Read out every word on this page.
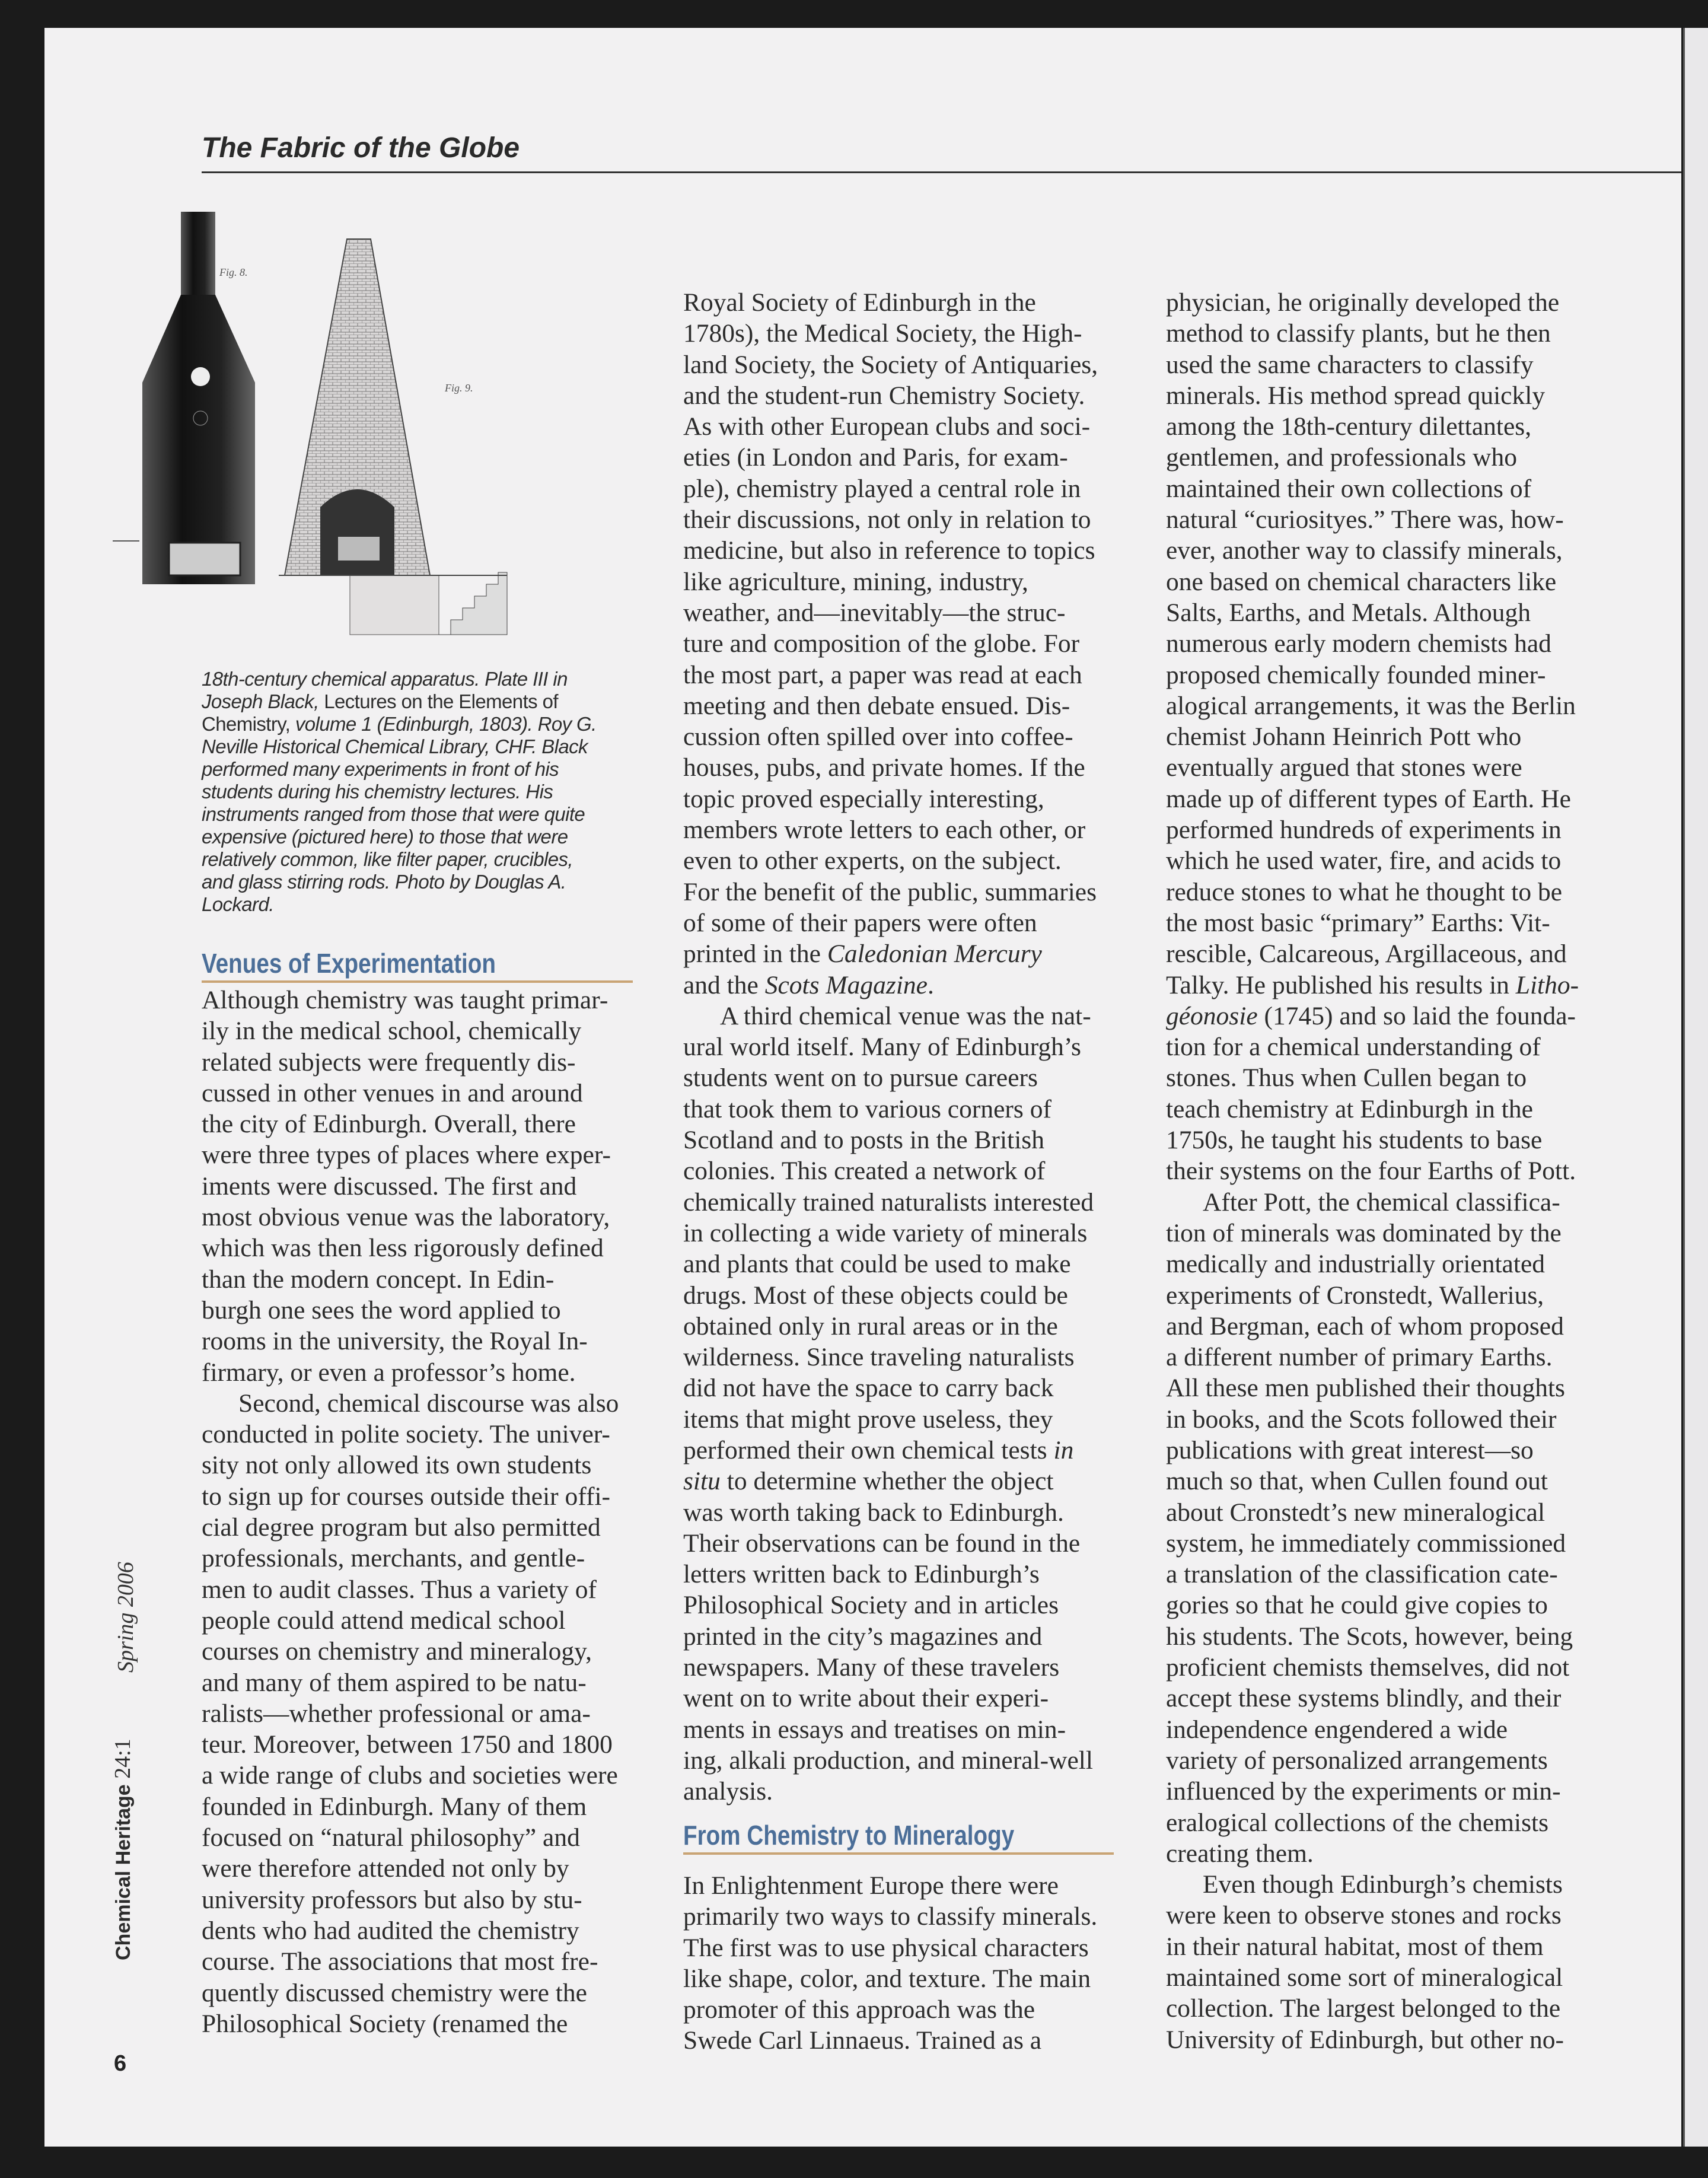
The Fabric of the Globe
Fig. 8.
Fig. 9.
18th-century chemical apparatus. Plate III in
Joseph Black, Lectures on the Elements of
Chemistry, volume 1 (Edinburgh, 1803). Roy G.
Neville Historical Chemical Library, CHF. Black
performed many experiments in front of his
students during his chemistry lectures. His
instruments ranged from those that were quite
expensive (pictured here) to those that were
relatively common, like filter paper, crucibles,
and glass stirring rods. Photo by Douglas A.
Lockard.
Venues of Experimentation
Although chemistry was taught primar-
ily in the medical school, chemically
related subjects were frequently dis-
cussed in other venues in and around
the city of Edinburgh. Overall, there
were three types of places where exper-
iments were discussed. The first and
most obvious venue was the laboratory,
which was then less rigorously defined
than the modern concept. In Edin-
burgh one sees the word applied to
rooms in the university, the Royal In-
firmary, or even a professor’s home.
Second, chemical discourse was also
conducted in polite society. The univer-
sity not only allowed its own students
to sign up for courses outside their offi-
cial degree program but also permitted
professionals, merchants, and gentle-
men to audit classes. Thus a variety of
people could attend medical school
courses on chemistry and mineralogy,
and many of them aspired to be natu-
ralists—whether professional or ama-
teur. Moreover, between 1750 and 1800
a wide range of clubs and societies were
founded in Edinburgh. Many of them
focused on “natural philosophy” and
were therefore attended not only by
university professors but also by stu-
dents who had audited the chemistry
course. The associations that most fre-
quently discussed chemistry were the
Philosophical Society (renamed the
Royal Society of Edinburgh in the
1780s), the Medical Society, the High-
land Society, the Society of Antiquaries,
and the student-run Chemistry Society.
As with other European clubs and soci-
eties (in London and Paris, for exam-
ple), chemistry played a central role in
their discussions, not only in relation to
medicine, but also in reference to topics
like agriculture, mining, industry,
weather, and—inevitably—the struc-
ture and composition of the globe. For
the most part, a paper was read at each
meeting and then debate ensued. Dis-
cussion often spilled over into coffee-
houses, pubs, and private homes. If the
topic proved especially interesting,
members wrote letters to each other, or
even to other experts, on the subject.
For the benefit of the public, summaries
of some of their papers were often
printed in the Caledonian Mercury
and the Scots Magazine.
A third chemical venue was the nat-
ural world itself. Many of Edinburgh’s
students went on to pursue careers
that took them to various corners of
Scotland and to posts in the British
colonies. This created a network of
chemically trained naturalists interested
in collecting a wide variety of minerals
and plants that could be used to make
drugs. Most of these objects could be
obtained only in rural areas or in the
wilderness. Since traveling naturalists
did not have the space to carry back
items that might prove useless, they
performed their own chemical tests in
situ to determine whether the object
was worth taking back to Edinburgh.
Their observations can be found in the
letters written back to Edinburgh’s
Philosophical Society and in articles
printed in the city’s magazines and
newspapers. Many of these travelers
went on to write about their experi-
ments in essays and treatises on min-
ing, alkali production, and mineral-well
analysis.
From Chemistry to Mineralogy
In Enlightenment Europe there were
primarily two ways to classify minerals.
The first was to use physical characters
like shape, color, and texture. The main
promoter of this approach was the
Swede Carl Linnaeus. Trained as a
physician, he originally developed the
method to classify plants, but he then
used the same characters to classify
minerals. His method spread quickly
among the 18th-century dilettantes,
gentlemen, and professionals who
maintained their own collections of
natural “curiosityes.” There was, how-
ever, another way to classify minerals,
one based on chemical characters like
Salts, Earths, and Metals. Although
numerous early modern chemists had
proposed chemically founded miner-
alogical arrangements, it was the Berlin
chemist Johann Heinrich Pott who
eventually argued that stones were
made up of different types of Earth. He
performed hundreds of experiments in
which he used water, fire, and acids to
reduce stones to what he thought to be
the most basic “primary” Earths: Vit-
rescible, Calcareous, Argillaceous, and
Talky. He published his results in Litho-
géonosie (1745) and so laid the founda-
tion for a chemical understanding of
stones. Thus when Cullen began to
teach chemistry at Edinburgh in the
1750s, he taught his students to base
their systems on the four Earths of Pott.
After Pott, the chemical classifica-
tion of minerals was dominated by the
medically and industrially orientated
experiments of Cronstedt, Wallerius,
and Bergman, each of whom proposed
a different number of primary Earths.
All these men published their thoughts
in books, and the Scots followed their
publications with great interest—so
much so that, when Cullen found out
about Cronstedt’s new mineralogical
system, he immediately commissioned
a translation of the classification cate-
gories so that he could give copies to
his students. The Scots, however, being
proficient chemists themselves, did not
accept these systems blindly, and their
independence engendered a wide
variety of personalized arrangements
influenced by the experiments or min-
eralogical collections of the chemists
creating them.
Even though Edinburgh’s chemists
were keen to observe stones and rocks
in their natural habitat, most of them
maintained some sort of mineralogical
collection. The largest belonged to the
University of Edinburgh, but other no-
Chemical Heritage 24:1
Spring 2006
6
